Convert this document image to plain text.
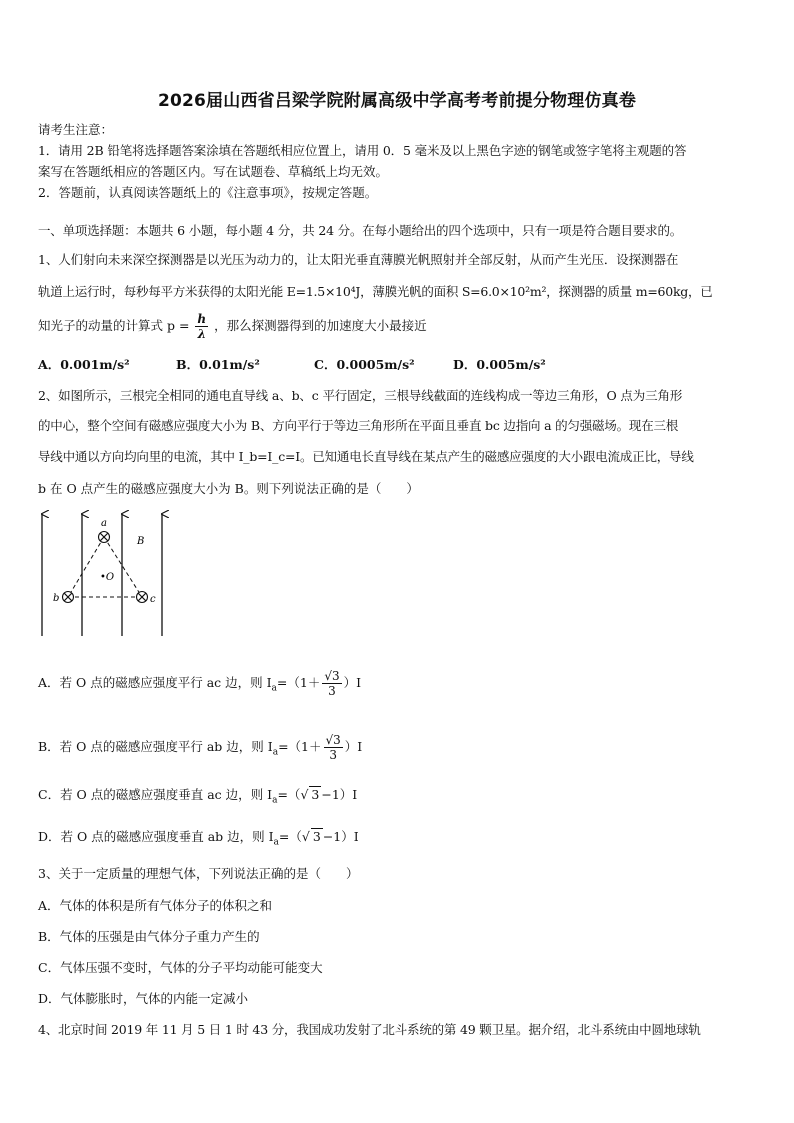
2026届山西省吕梁学院附属高级中学高考考前提分物理仿真卷
请考生注意：
1．请用 2B 铅笔将选择题答案涂填在答题纸相应位置上，请用 0．5 毫米及以上黑色字迹的钢笔或签字笔将主观题的答
案写在答题纸相应的答题区内。写在试题卷、草稿纸上均无效。
2．答题前，认真阅读答题纸上的《注意事项》，按规定答题。
一、单项选择题：本题共 6 小题，每小题 4 分，共 24 分。在每小题给出的四个选项中，只有一项是符合题目要求的。
1、人们射向未来深空探测器是以光压为动力的，让太阳光垂直薄膜光帆照射并全部反射，从而产生光压．设探测器在
轨道上运行时，每秒每平方米获得的太阳光能 E=1.5×10⁴J，薄膜光帆的面积 S=6.0×10²m²，探测器的质量 m=60kg，已
知光子的动量的计算式 $p = \frac{h}{\lambda}$ ，那么探测器得到的加速度大小最接近
A．0.001m/s²	B．0.01m/s²	C．0.0005m/s²	D．0.005m/s²
2、如图所示，三根完全相同的通电直导线 a、b、c 平行固定，三根导线截面的连线构成一等边三角形，O 点为三角形
的中心，整个空间有磁感应强度大小为 B、方向平行于等边三角形所在平面且垂直 bc 边指向 a 的匀强磁场。现在三根
导线中通以方向均向里的电流，其中 I_b=I_c=I。已知通电长直导线在某点产生的磁感应强度的大小跟电流成正比，导线
b 在 O 点产生的磁感应强度大小为 B。则下列说法正确的是（　　）
a
b	c
•O
B
A．若 O 点的磁感应强度平行 ac 边，则 $I_a=(1+ \frac{√3}{3} )I$
B．若 O 点的磁感应强度平行 ab 边，则 $I_a=(1+ \frac{√3}{3} )I$
C．若 O 点的磁感应强度垂直 ac 边，则 $I_a=(√$ 3 −1）I
D．若 O 点的磁感应强度垂直 ab 边，则 $I_a=(√$ 3 −1）I
3、关于一定质量的理想气体，下列说法正确的是（　　）
A．气体的体积是所有气体分子的体积之和
B．气体的压强是由气体分子重力产生的
C．气体压强不变时，气体的分子平均动能可能变大
D．气体膨胀时，气体的内能一定减小
4、北京时间 2019 年 11 月 5 日 1 时 43 分，我国成功发射了北斗系统的第 49 颗卫星。据介绍，北斗系统由中圆地球轨
